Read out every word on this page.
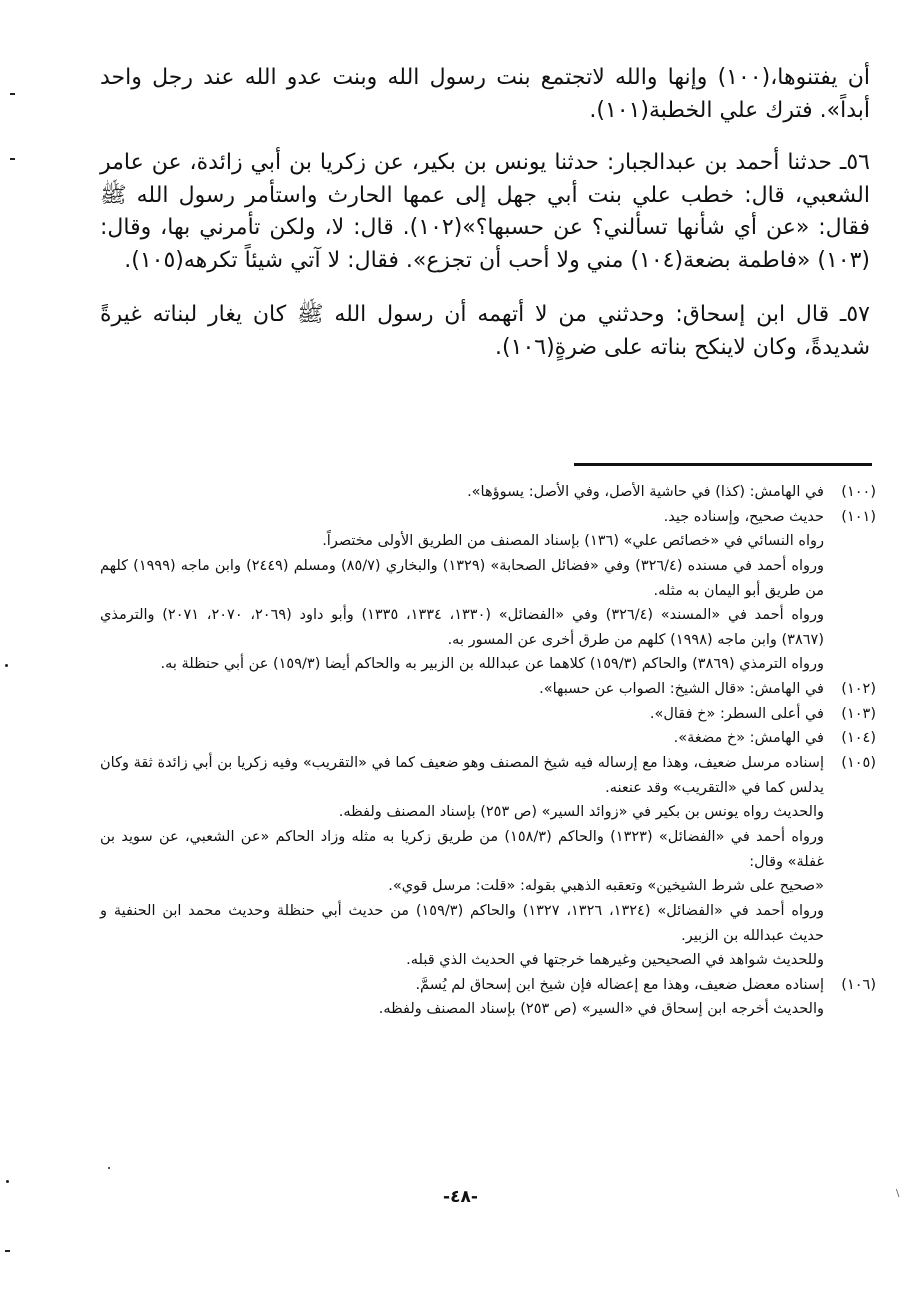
أن يفتنوها،(١٠٠) وإنها والله لاتجتمع بنت رسول الله وبنت عدو الله عند رجل واحد أبداً». فترك علي الخطبة(١٠١).

٥٦ـ حدثنا أحمد بن عبدالجبار: حدثنا يونس بن بكير، عن زكريا بن أبي زائدة، عن عامر الشعبي، قال: خطب علي بنت أبي جهل إلى عمها الحارث واستأمر رسول الله ﷺ فقال: «عن أي شأنها تسألني؟ عن حسبها؟»(١٠٢). قال: لا، ولكن تأمرني بها، وقال:(١٠٣) «فاطمة بضعة(١٠٤) مني ولا أحب أن تجزع». فقال: لا آتي شيئاً تكرهه(١٠٥).

٥٧ـ قال ابن إسحاق: وحدثني من لا أتهمه أن رسول الله ﷺ كان يغار لبناته غيرةً شديدةً، وكان لاينكح بناته على ضرةٍ(١٠٦).

(١٠٠)
في الهامش: (كذا) في حاشية الأصل، وفي الأصل: يسوؤها».
(١٠١)
حديث صحيح، وإسناده جيد.
رواه النسائي في «خصائص علي» (١٣٦) بإسناد المصنف من الطريق الأولى مختصراً.
ورواه أحمد في مسنده (٣٢٦/٤) وفي «فضائل الصحابة» (١٣٢٩) والبخاري (٨٥/٧) ومسلم (٢٤٤٩) وابن ماجه (١٩٩٩) كلهم من طريق أبو اليمان به مثله.
ورواه أحمد في «المسند» (٣٢٦/٤) وفي «الفضائل» (١٣٣٠، ١٣٣٤، ١٣٣٥) وأبو داود (٢٠٦٩، ٢٠٧٠، ٢٠٧١) والترمذي (٣٨٦٧) وابن ماجه (١٩٩٨) كلهم من طرق أخرى عن المسور به.
ورواه الترمذي (٣٨٦٩) والحاكم (١٥٩/٣) كلاهما عن عبدالله بن الزبير به والحاكم أيضا (١٥٩/٣) عن أبي حنظلة به.
(١٠٢)
في الهامش: «قال الشيخ: الصواب عن حسبها».
(١٠٣)
في أعلى السطر: «خ فقال».
(١٠٤)
في الهامش: «خ مضغة».
(١٠٥)
إسناده مرسل ضعيف، وهذا مع إرساله فيه شيخ المصنف وهو ضعيف كما في «التقريب» وفيه زكريا بن أبي زائدة ثقة وكان يدلس كما في «التقريب» وقد عنعنه.
والحديث رواه يونس بن بكير في «زوائد السير» (ص ٢٥٣) بإسناد المصنف ولفظه.
ورواه أحمد في «الفضائل» (١٣٢٣) والحاكم (١٥٨/٣) من طريق زكريا به مثله وزاد الحاكم «عن الشعبي، عن سويد بن غفلة» وقال:
«صحيح على شرط الشيخين» وتعقبه الذهبي بقوله: «قلت: مرسل قوي».
ورواه أحمد في «الفضائل» (١٣٢٤، ١٣٢٦، ١٣٢٧) والحاكم (١٥٩/٣) من حديث أبي حنظلة وحديث محمد ابن الحنفية و حديث عبدالله بن الزبير.
وللحديث شواهد في الصحيحين وغيرهما خرجتها في الحديث الذي قبله.
(١٠٦)
إسناده معضل ضعيف، وهذا مع إعضاله فإن شيخ ابن إسحاق لم يُسمَّ.
والحديث أخرجه ابن إسحاق في «السير» (ص ٢٥٣) بإسناد المصنف ولفظه.
-٤٨-	\
